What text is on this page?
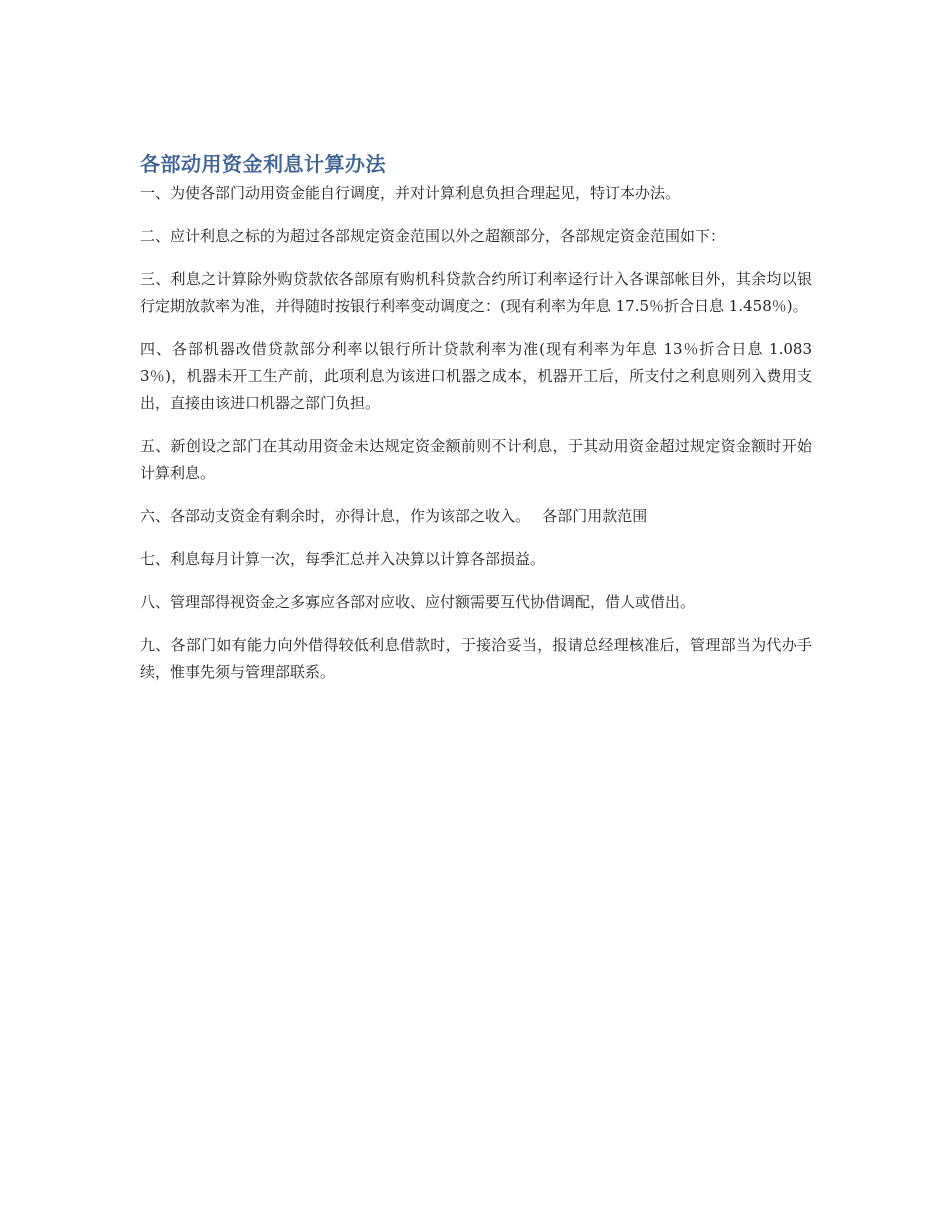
各部动用资金利息计算办法

一、为使各部门动用资金能自行调度，并对计算利息负担合理起见，特订本办法。

二、应计利息之标的为超过各部规定资金范围以外之超额部分，各部规定资金范围如下：

三、利息之计算除外购贷款依各部原有购机科贷款合约所订利率迳行计入各课部帐目外，其余均以银行定期放款率为准，并得随时按银行利率变动调度之：(现有利率为年息 17.5％折合日息 1.458％)。

四、各部机器改借贷款部分利率以银行所计贷款利率为准(现有利率为年息 13％折合日息 1.0833％)，机器未开工生产前，此项利息为该进口机器之成本，机器开工后，所支付之利息则列入费用支出，直接由该进口机器之部门负担。

五、新创设之部门在其动用资金未达规定资金额前则不计利息，于其动用资金超过规定资金额时开始计算利息。

六、各部动支资金有剩余时，亦得计息，作为该部之收入。　 各部门用款范围

七、利息每月计算一次，每季汇总并入决算以计算各部损益。

八、管理部得视资金之多寡应各部对应收、应付额需要互代协借调配，借人或借出。

九、各部门如有能力向外借得较低利息借款时，于接洽妥当，报请总经理核准后，管理部当为代办手续，惟事先须与管理部联系。
